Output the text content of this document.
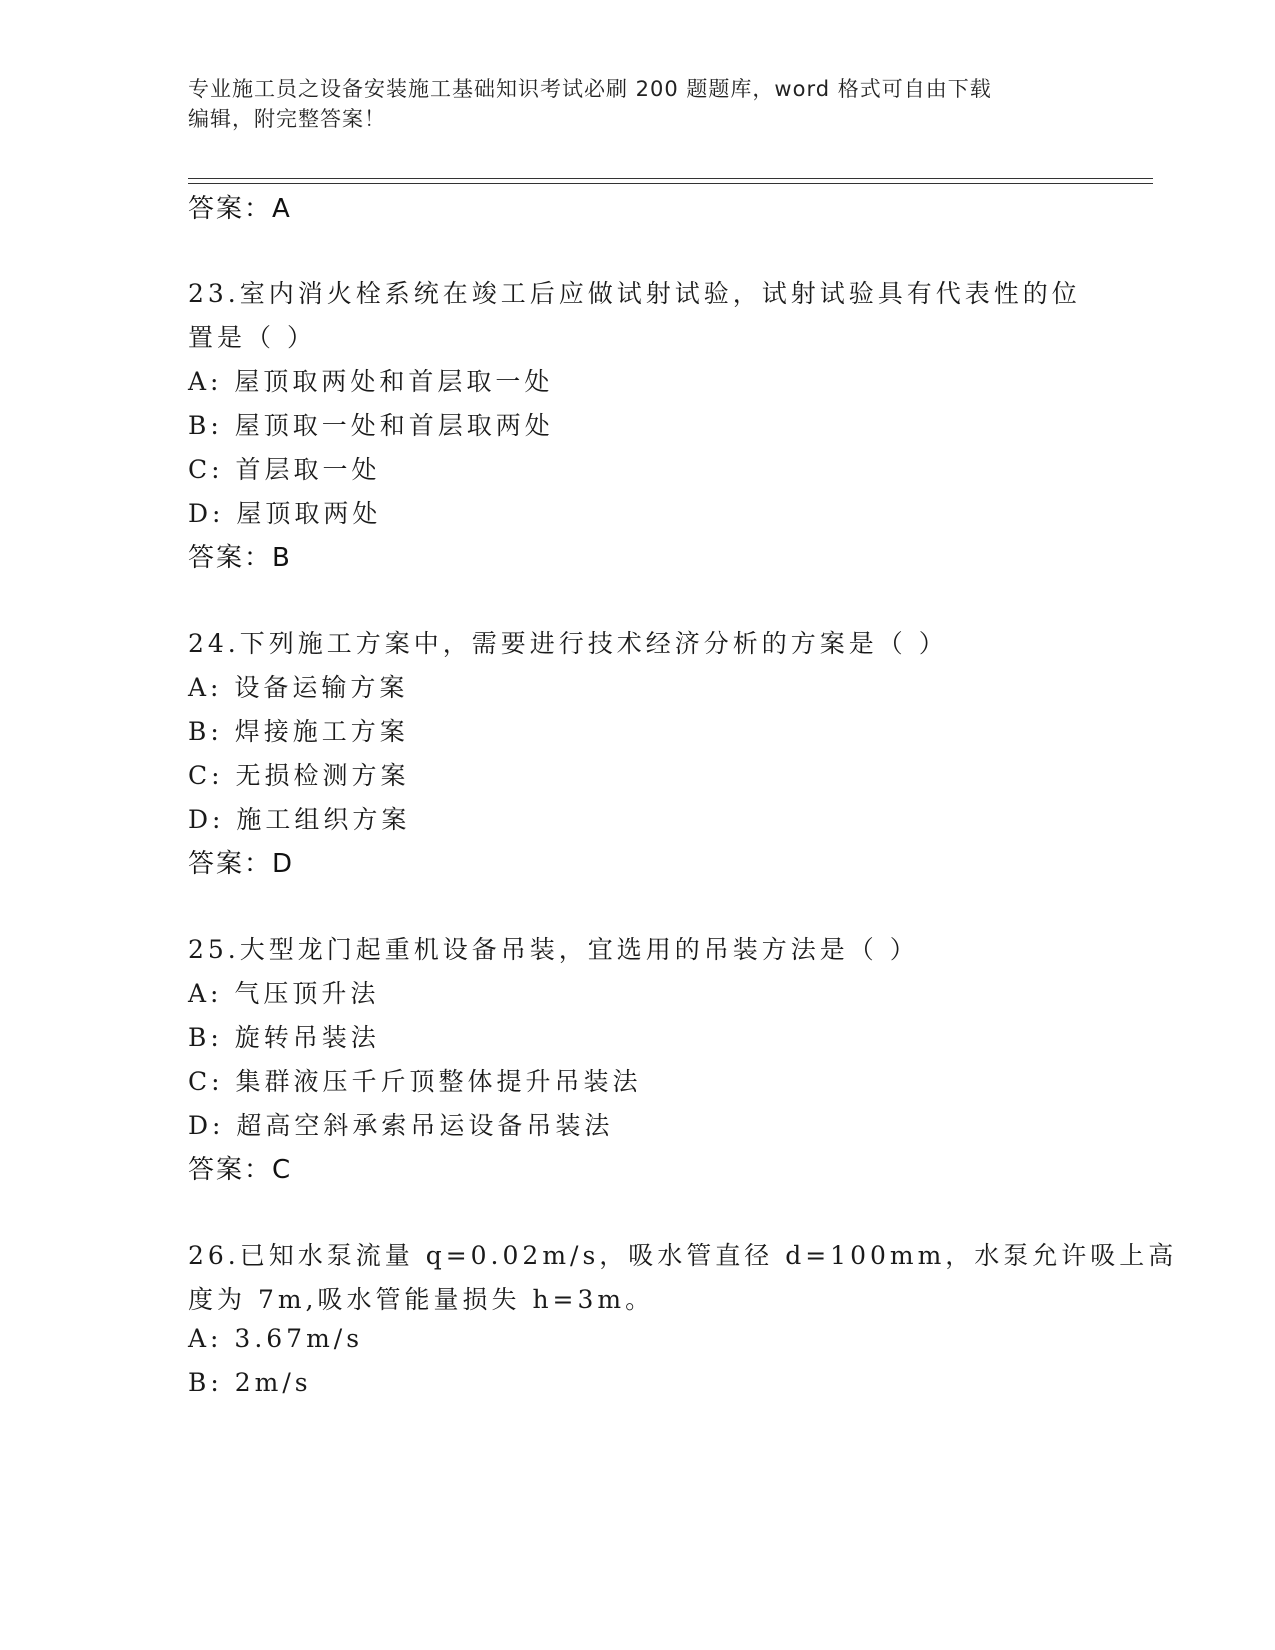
专业施工员之设备安装施工基础知识考试必刷 200 题题库，word 格式可自由下载
编辑，附完整答案！
答案：A
23.室内消火栓系统在竣工后应做试射试验，试射试验具有代表性的位
置是（ ）
A: 屋顶取两处和首层取一处
B: 屋顶取一处和首层取两处
C: 首层取一处
D: 屋顶取两处
答案：B
24.下列施工方案中，需要进行技术经济分析的方案是（ ）
A: 设备运输方案
B: 焊接施工方案
C: 无损检测方案
D: 施工组织方案
答案：D
25.大型龙门起重机设备吊装，宜选用的吊装方法是（ ）
A: 气压顶升法
B: 旋转吊装法
C: 集群液压千斤顶整体提升吊装法
D: 超高空斜承索吊运设备吊装法
答案：C
26.已知水泵流量 q=0.02m/s，吸水管直径 d=100mm，水泵允许吸上高
度为 7m,吸水管能量损失 h=3m。
A: 3.67m/s
B: 2m/s
